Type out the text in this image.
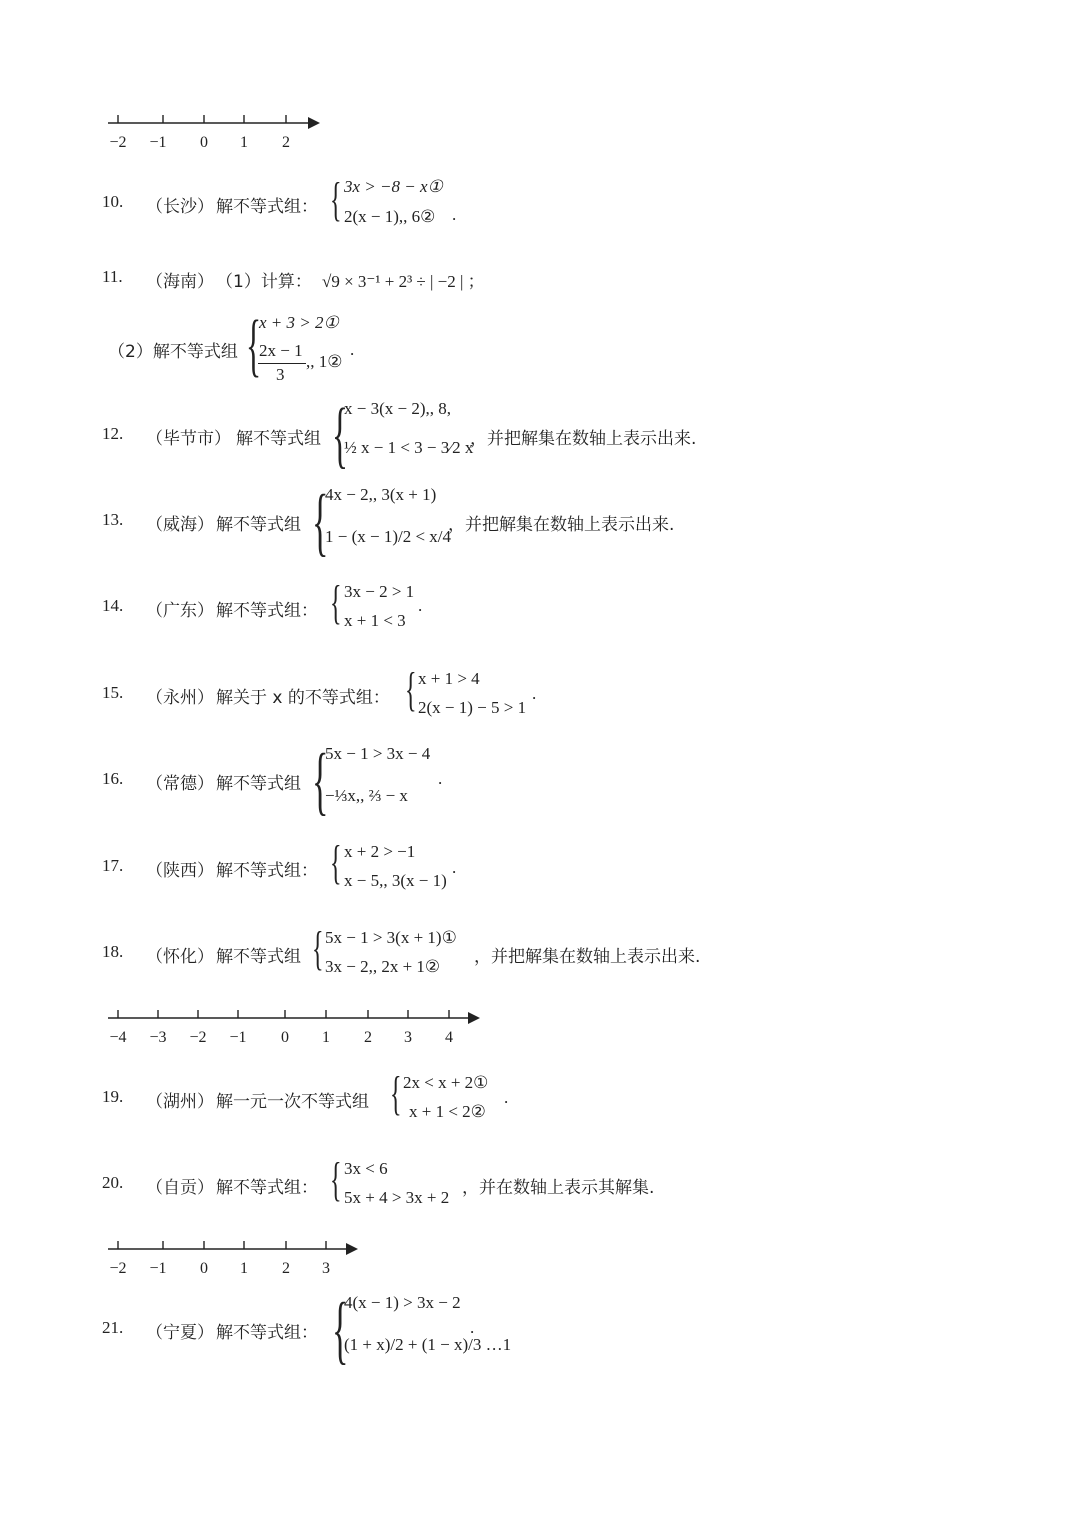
−2 −1 0 1 2
10. （长沙） 解不等式组： { 3x > −8 − x①
2(x − 1),, 6② .
11. （海南） （1）计算： √9 × 3⁻¹ + 2³ ÷ | −2 | ；
（2）解不等式组 {
x + 3 > 2①
2x − 1
3
,, 1②
.
12. （毕节市） 解不等式组 {
x − 3(x − 2),, 8,
½ x − 1 < 3 − 3⁄2 x
，并把解集在数轴上表示出来.
13. （威海） 解不等式组 {
4x − 2,, 3(x + 1)
1 − (x − 1)/2 < x/4
，并把解集在数轴上表示出来.
14. （广东） 解不等式组： { 3x − 2 > 1
x + 1 < 3
.
15. （永州） 解关于 x 的不等式组： { x + 1 > 4
2(x − 1) − 5 > 1
.
16. （常德） 解不等式组 {
5x − 1 > 3x − 4
−⅓x,, ⅔ − x
.
17. （陕西） 解不等式组： { x + 2 > −1
x − 5,, 3(x − 1)
.
18. （怀化） 解不等式组 { 5x − 1 > 3(x + 1)①
3x − 2,, 2x + 1② ，并把解集在数轴上表示出来.
−4 −3 −2 −1 0 1 2 3 4
19. （湖州） 解一元一次不等式组 { 2x < x + 2①
x + 1 < 2②
.
20. （自贡） 解不等式组： { 3x < 6
5x + 4 > 3x + 2 ，并在数轴上表示其解集.
−2 −1 0 1 2 3
21. （宁夏） 解不等式组： {
4(x − 1) > 3x − 2
(1 + x)/2 + (1 − x)/3 …1
.
